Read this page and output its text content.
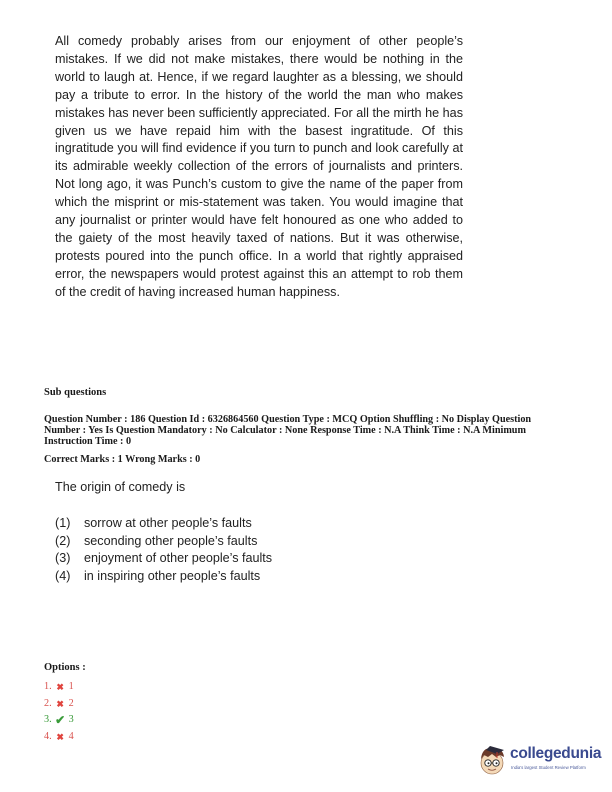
All comedy probably arises from our enjoyment of other people’s mistakes. If we did not make mistakes, there would be nothing in the world to laugh at. Hence, if we regard laughter as a blessing, we should pay a tribute to error. In the history of the world the man who makes mistakes has never been sufficiently appreciated. For all the mirth he has given us we have repaid him with the basest ingratitude. Of this ingratitude you will find evidence if you turn to punch and look carefully at its admirable weekly collection of the errors of journalists and printers. Not long ago, it was Punch’s custom to give the name of the paper from which the misprint or mis-statement was taken. You would imagine that any journalist or printer would have felt honoured as one who added to the gaiety of the most heavily taxed of nations. But it was otherwise, protests poured into the punch office. In a world that rightly appraised error, the newspapers would protest against this an attempt to rob them of the credit of having increased human happiness.
Sub questions
Question Number : 186 Question Id : 6326864560 Question Type : MCQ Option Shuffling : No Display Question
Number : Yes Is Question Mandatory : No Calculator : None Response Time : N.A Think Time : N.A Minimum
Instruction Time : 0
Correct Marks : 1 Wrong Marks : 0
The origin of comedy is
(1)	sorrow at other people’s faults
(2)	seconding other people’s faults
(3)	enjoyment of other people’s faults
(4)	in inspiring other people’s faults
Options :
1. ✖ 1
2. ✖ 2
3. ✔ 3
4. ✖ 4
collegedunia
India's largest Student Review Platform
